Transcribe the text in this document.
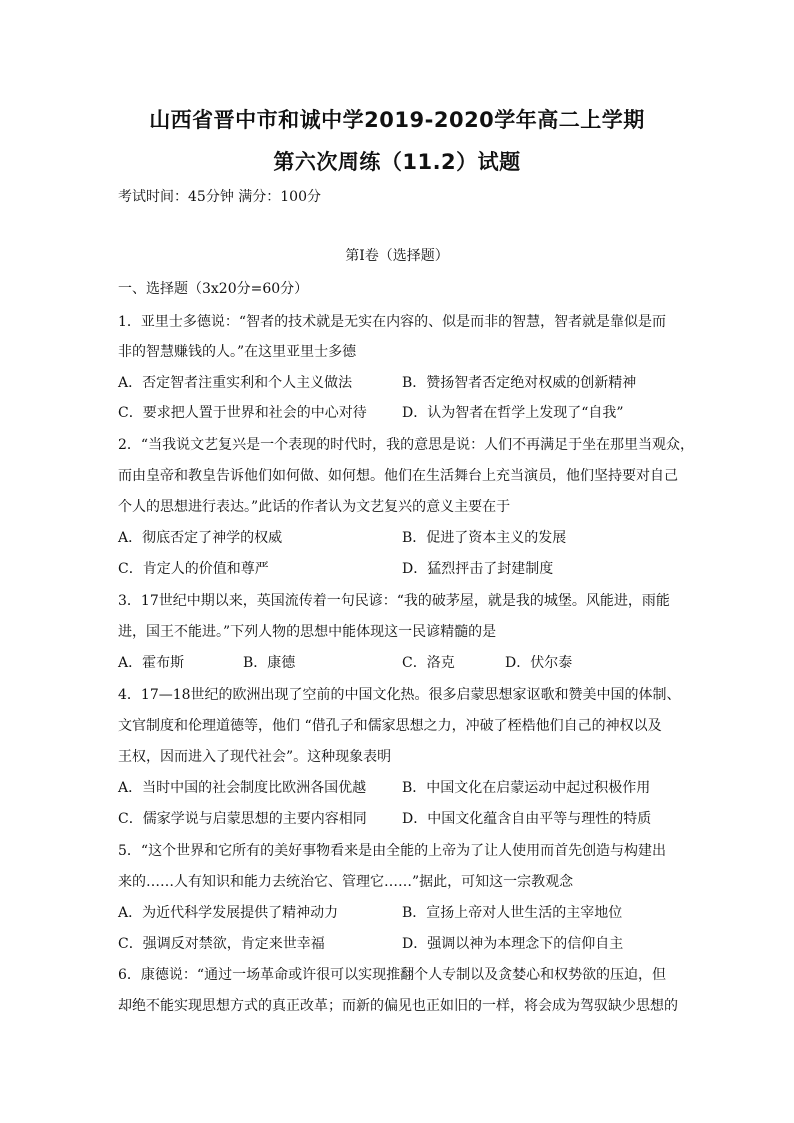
山西省晋中市和诚中学2019-2020学年高二上学期
第六次周练（11.2）试题
考试时间：45分钟 满分：100分
第Ⅰ卷（选择题）
一、选择题（3x20分=60分）
1．亚里士多德说：“智者的技术就是无实在内容的、似是而非的智慧，智者就是靠似是而
非的智慧赚钱的人。”在这里亚里士多德
A．否定智者注重实利和个人主义做法	B．赞扬智者否定绝对权威的创新精神
C．要求把人置于世界和社会的中心对待	D．认为智者在哲学上发现了“自我”
2．“当我说文艺复兴是一个表现的时代时，我的意思是说：人们不再满足于坐在那里当观众，
而由皇帝和教皇告诉他们如何做、如何想。他们在生活舞台上充当演员，他们坚持要对自己
个人的思想进行表达。”此话的作者认为文艺复兴的意义主要在于
A．彻底否定了神学的权威	B．促进了资本主义的发展
C．肯定人的价值和尊严	D．猛烈抨击了封建制度
3．17世纪中期以来，英国流传着一句民谚：“我的破茅屋，就是我的城堡。风能进，雨能
进，国王不能进。”下列人物的思想中能体现这一民谚精髓的是
A．霍布斯	B．康德	C．洛克	D．伏尔泰
4．17—18世纪的欧洲出现了空前的中国文化热。很多启蒙思想家讴歌和赞美中国的体制、
文官制度和伦理道德等，他们 “借孔子和儒家思想之力，冲破了桎梏他们自己的神权以及
王权，因而进入了现代社会”。这种现象表明
A．当时中国的社会制度比欧洲各国优越	B．中国文化在启蒙运动中起过积极作用
C．儒家学说与启蒙思想的主要内容相同	D．中国文化蕴含自由平等与理性的特质
5．“这个世界和它所有的美好事物看来是由全能的上帝为了让人使用而首先创造与构建出
来的……人有知识和能力去统治它、管理它……”据此，可知这一宗教观念
A．为近代科学发展提供了精神动力	B．宣扬上帝对人世生活的主宰地位
C．强调反对禁欲，肯定来世幸福	D．强调以神为本理念下的信仰自主
6．康德说：“通过一场革命或许很可以实现推翻个人专制以及贪婪心和权势欲的压迫，但
却绝不能实现思想方式的真正改革；而新的偏见也正如旧的一样，将会成为驾驭缺少思想的
